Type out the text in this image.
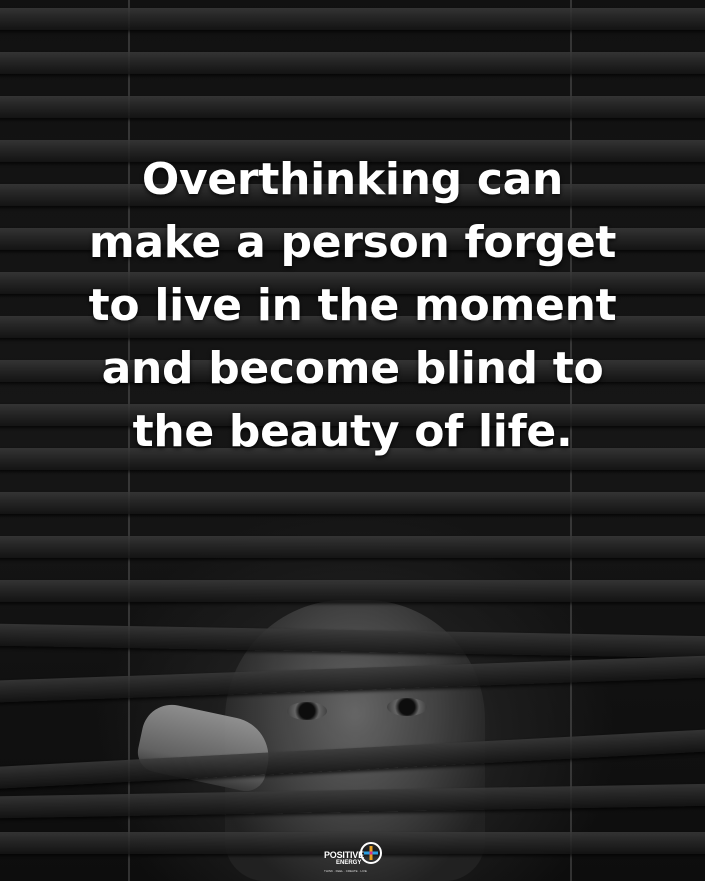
Overthinking can
make a person forget
to live in the moment
and become blind to
the beauty of life.
POSITIVE
ENERGY
THINK · FEEL · CREATE · LIVE
